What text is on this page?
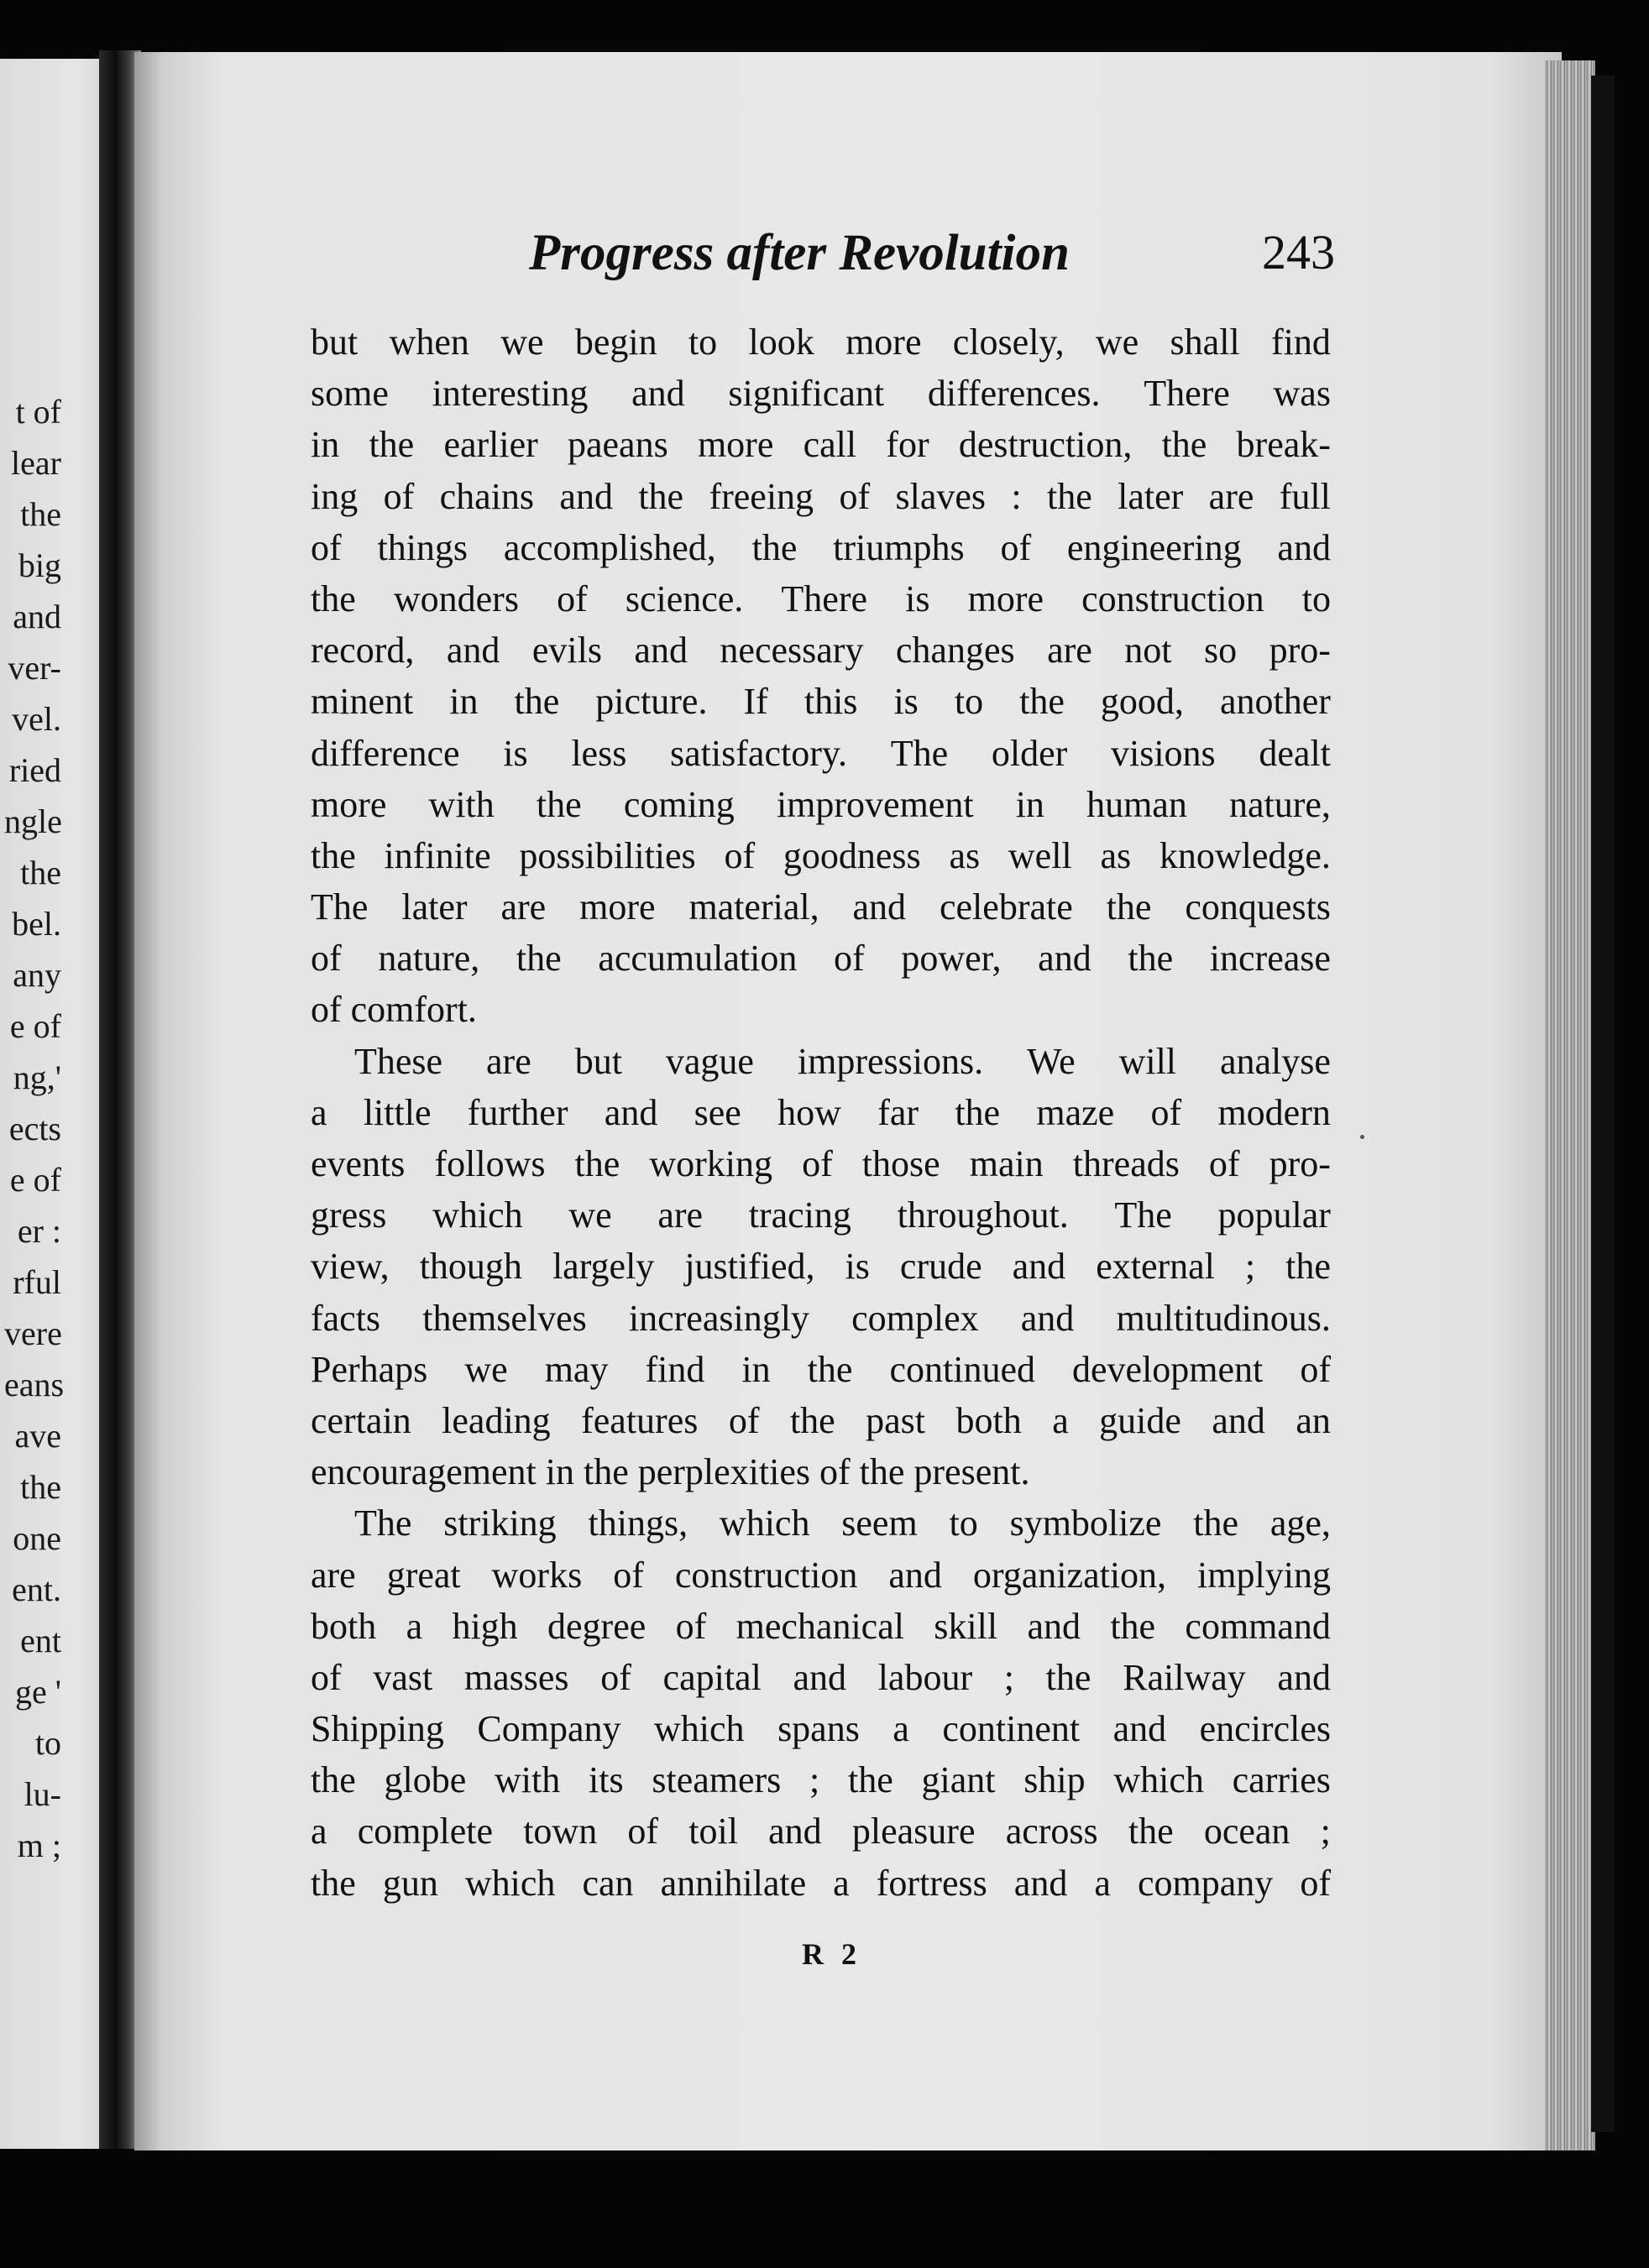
t of
lear
the
big
and
ver-
vel.
ried
ngle
the
bel.
any
e of
ng,'
ects
e of
er :
rful
vere
eans
ave
the
one
ent.
ent
ge '
to
lu-
m ;
Progress after Revolution	243
but when we begin to look more closely, we shall find
some interesting and significant differences. There was
in the earlier paeans more call for destruction, the break-
ing of chains and the freeing of slaves : the later are full
of things accomplished, the triumphs of engineering and
the wonders of science. There is more construction to
record, and evils and necessary changes are not so pro-
minent in the picture. If this is to the good, another
difference is less satisfactory. The older visions dealt
more with the coming improvement in human nature,
the infinite possibilities of goodness as well as knowledge.
The later are more material, and celebrate the conquests
of nature, the accumulation of power, and the increase
of comfort.
These are but vague impressions. We will analyse
a little further and see how far the maze of modern
events follows the working of those main threads of pro-
gress which we are tracing throughout. The popular
view, though largely justified, is crude and external ; the
facts themselves increasingly complex and multitudinous.
Perhaps we may find in the continued development of
certain leading features of the past both a guide and an
encouragement in the perplexities of the present.
The striking things, which seem to symbolize the age,
are great works of construction and organization, implying
both a high degree of mechanical skill and the command
of vast masses of capital and labour ; the Railway and
Shipping Company which spans a continent and encircles
the globe with its steamers ; the giant ship which carries
a complete town of toil and pleasure across the ocean ;
the gun which can annihilate a fortress and a company of
R 2
